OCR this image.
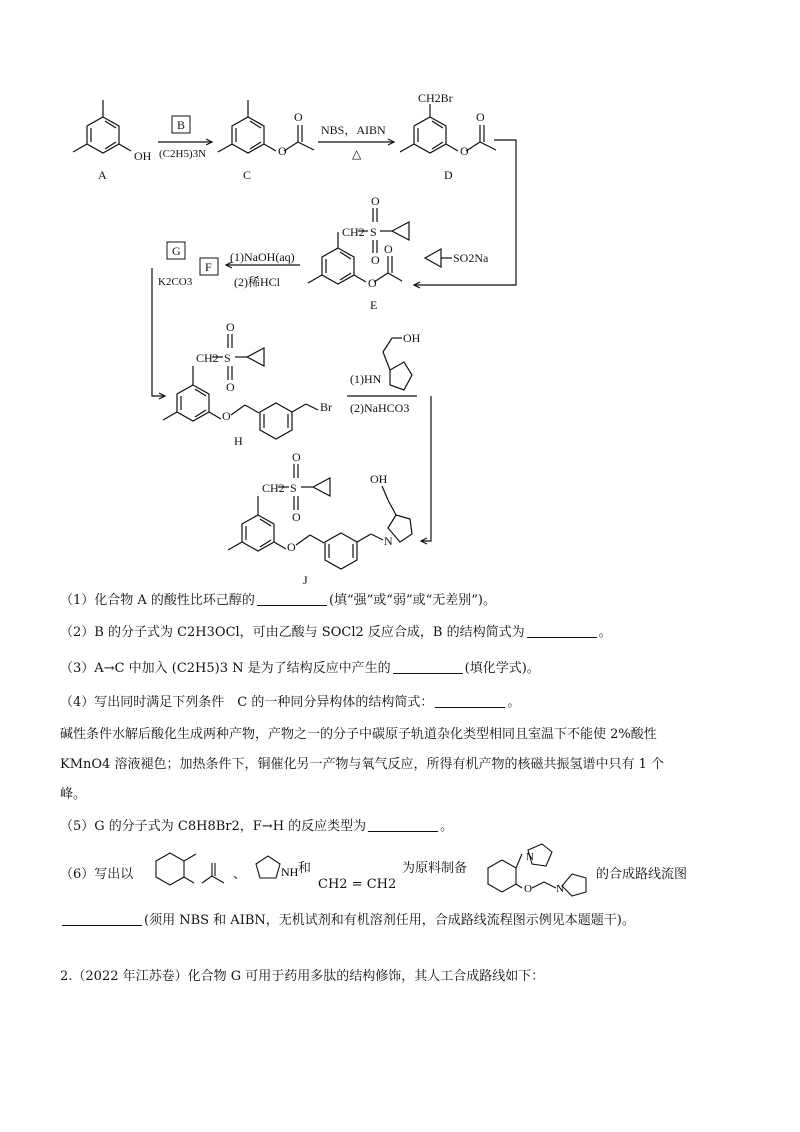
OH
A
B
(C2H5)3N	O
O
C
NBS，AIBN
△
CH2Br
O
O
D
CH2 S
O
O
O
O
E
SO2Na
(1)NaOH(aq)
(2)稀HCl
F
G
K2CO3
CH2 S
O
O
O
Br
H
OH
(1)HN
(2)NaHCO3
CH2 S
O
O
O
OH
N
J
（1）化合物 A 的酸性比环己醇的	(填“强”或“弱”或“无差别”)。
（2）B 的分子式为 C2H3OCl，可由乙酸与 SOCl2 反应合成，B 的结构简式为	。
（3）A→C 中加入 (C2H5)3 N 是为了结构反应中产生的	(填化学式)。
（4）写出同时满足下列条件　C 的一种同分异构体的结构简式：	。
碱性条件水解后酸化生成两种产物，产物之一的分子中碳原子轨道杂化类型相同且室温下不能使 2%酸性
KMnO4 溶液褪色；加热条件下，铜催化另一产物与氧气反应，所得有机产物的核磁共振氢谱中只有 1 个
峰。
（5）G 的分子式为 C8H8Br2，F→H 的反应类型为	。
（6）写出以	、	NH 和
CH2 = CH2
为原料制备
O N
N
的合成路线流图
(须用 NBS 和 AIBN，无机试剂和有机溶剂任用，合成路线流程图示例见本题题干)。
2.（2022 年江苏卷）化合物 G 可用于药用多肽的结构修饰，其人工合成路线如下：
